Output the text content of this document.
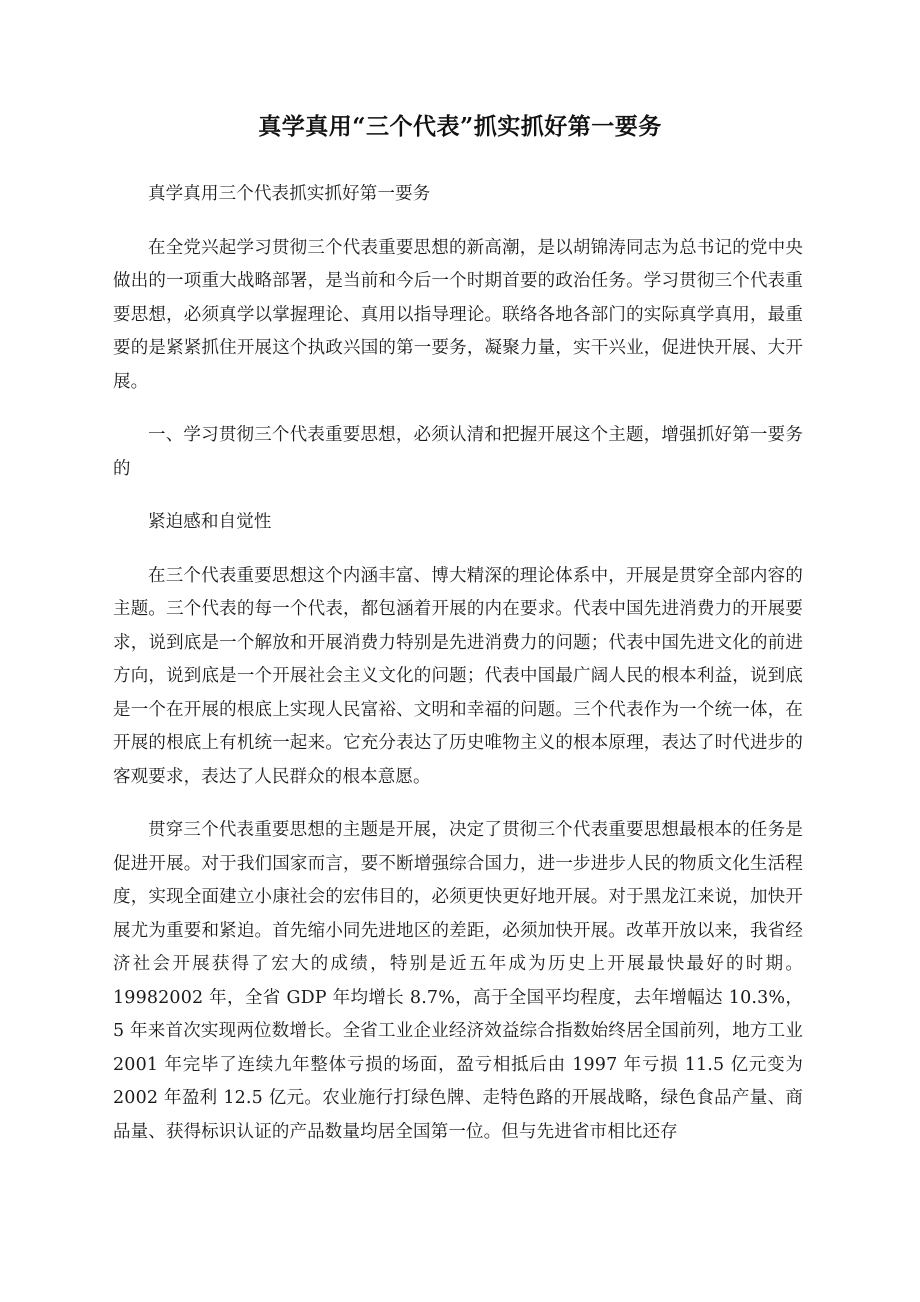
真学真用“三个代表”抓实抓好第一要务

真学真用三个代表抓实抓好第一要务

在全党兴起学习贯彻三个代表重要思想的新高潮，是以胡锦涛同志为总书记的党中央做出的一项重大战略部署，是当前和今后一个时期首要的政治任务。学习贯彻三个代表重要思想，必须真学以掌握理论、真用以指导理论。联络各地各部门的实际真学真用，最重要的是紧紧抓住开展这个执政兴国的第一要务，凝聚力量，实干兴业，促进快开展、大开展。

一、学习贯彻三个代表重要思想，必须认清和把握开展这个主题，增强抓好第一要务的

紧迫感和自觉性

在三个代表重要思想这个内涵丰富、博大精深的理论体系中，开展是贯穿全部内容的主题。三个代表的每一个代表，都包涵着开展的内在要求。代表中国先进消费力的开展要求，说到底是一个解放和开展消费力特别是先进消费力的问题；代表中国先进文化的前进方向，说到底是一个开展社会主义文化的问题；代表中国最广阔人民的根本利益，说到底是一个在开展的根底上实现人民富裕、文明和幸福的问题。三个代表作为一个统一体，在开展的根底上有机统一起来。它充分表达了历史唯物主义的根本原理，表达了时代进步的客观要求，表达了人民群众的根本意愿。

贯穿三个代表重要思想的主题是开展，决定了贯彻三个代表重要思想最根本的任务是促进开展。对于我们国家而言，要不断增强综合国力，进一步进步人民的物质文化生活程度，实现全面建立小康社会的宏伟目的，必须更快更好地开展。对于黑龙江来说，加快开展尤为重要和紧迫。首先缩小同先进地区的差距，必须加快开展。改革开放以来，我省经济社会开展获得了宏大的成绩，特别是近五年成为历史上开展最快最好的时期。19982002 年，全省 GDP 年均增长 8.7%，高于全国平均程度，去年增幅达 10.3%，5 年来首次实现两位数增长。全省工业企业经济效益综合指数始终居全国前列，地方工业 2001 年完毕了连续九年整体亏损的场面，盈亏相抵后由 1997 年亏损 11.5 亿元变为 2002 年盈利 12.5 亿元。农业施行打绿色牌、走特色路的开展战略，绿色食品产量、商品量、获得标识认证的产品数量均居全国第一位。但与先进省市相比还存
